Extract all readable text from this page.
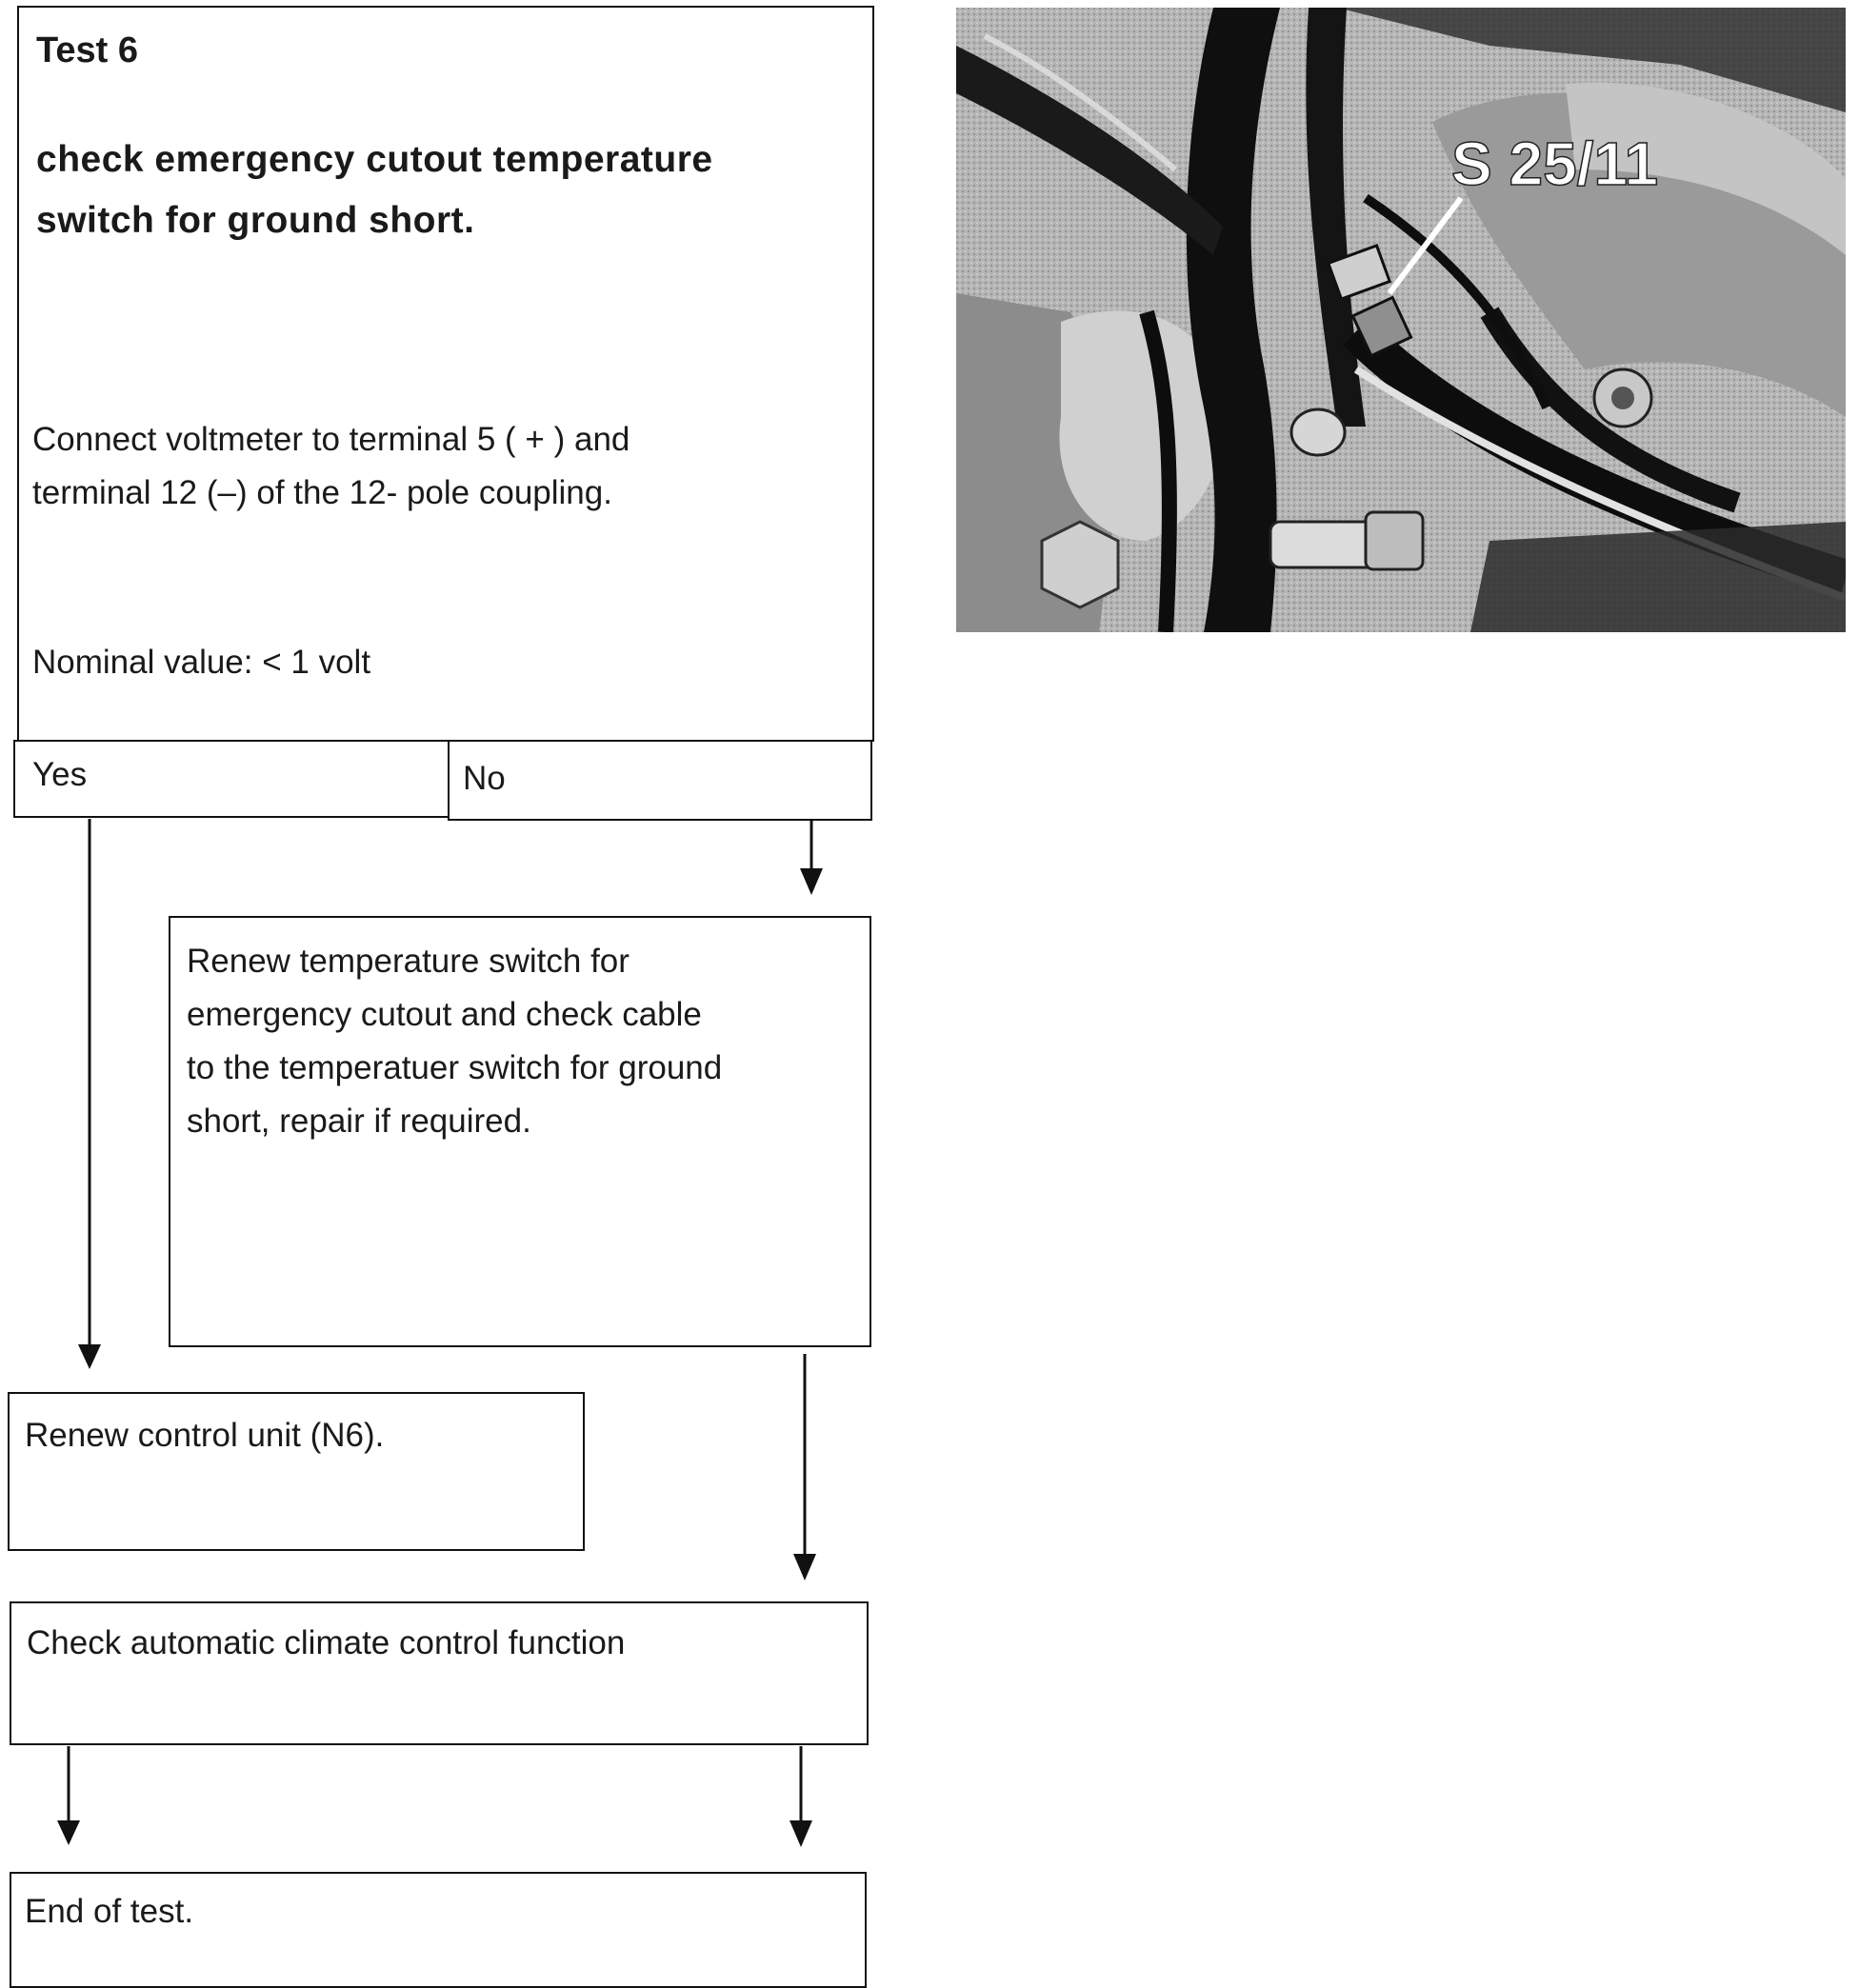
Test 6
check emergency cutout temperature
switch for ground short.
Connect voltmeter to terminal 5 ( + ) and
terminal 12 (–) of the 12- pole coupling.
Nominal value: < 1 volt
Yes	No
Renew temperature switch for
emergency cutout and check cable
to the temperatuer switch for ground
short, repair if required.
Renew control unit (N6).
Check automatic climate control function
End of test.
S 25/11
